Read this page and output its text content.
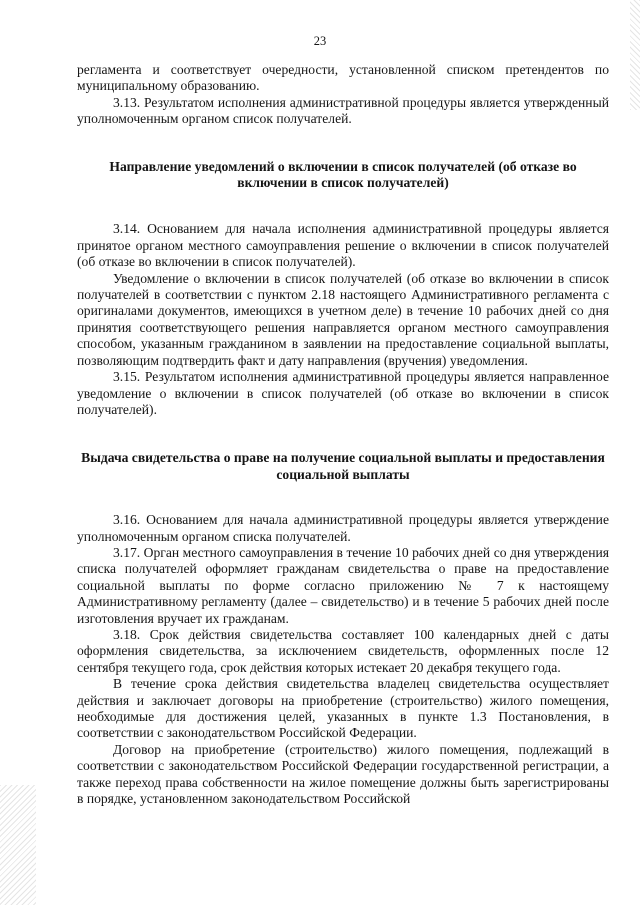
23

регламента и соответствует очередности, установленной списком претендентов по муниципальному образованию.

3.13. Результатом исполнения административной процедуры является утвержденный уполномоченным органом список получателей.

Направление уведомлений о включении в список получателей (об отказе во включении в список получателей)

3.14. Основанием для начала исполнения административной процедуры является принятое органом местного самоуправления решение о включении в список получателей (об отказе во включении в список получателей).

Уведомление о включении в список получателей (об отказе во включении в список получателей в соответствии с пунктом 2.18 настоящего Административного регламента с оригиналами документов, имеющихся в учетном деле) в течение 10 рабочих дней со дня принятия соответствующего решения направляется органом местного самоуправления способом, указанным гражданином в заявлении на предоставление социальной выплаты, позволяющим подтвердить факт и дату направления (вручения) уведомления.

3.15. Результатом исполнения административной процедуры является направленное уведомление о включении в список получателей (об отказе во включении в список получателей).

Выдача свидетельства о праве на получение социальной выплаты и предоставления социальной выплаты

3.16. Основанием для начала административной процедуры является утверждение уполномоченным органом списка получателей.

3.17. Орган местного самоуправления в течение 10 рабочих дней со дня утверждения списка получателей оформляет гражданам свидетельства о праве на предоставление социальной выплаты по форме согласно приложению № 7 к настоящему Административному регламенту (далее – свидетельство) и в течение 5 рабочих дней после изготовления вручает их гражданам.

3.18. Срок действия свидетельства составляет 100 календарных дней с даты оформления свидетельства, за исключением свидетельств, оформленных после 12 сентября текущего года, срок действия которых истекает 20 декабря текущего года.

В течение срока действия свидетельства владелец свидетельства осуществляет действия и заключает договоры на приобретение (строительство) жилого помещения, необходимые для достижения целей, указанных в пункте 1.3 Постановления, в соответствии с законодательством Российской Федерации.

Договор на приобретение (строительство) жилого помещения, подлежащий в соответствии с законодательством Российской Федерации государственной регистрации, а также переход права собственности на жилое помещение должны быть зарегистрированы в порядке, установленном законодательством Российской
